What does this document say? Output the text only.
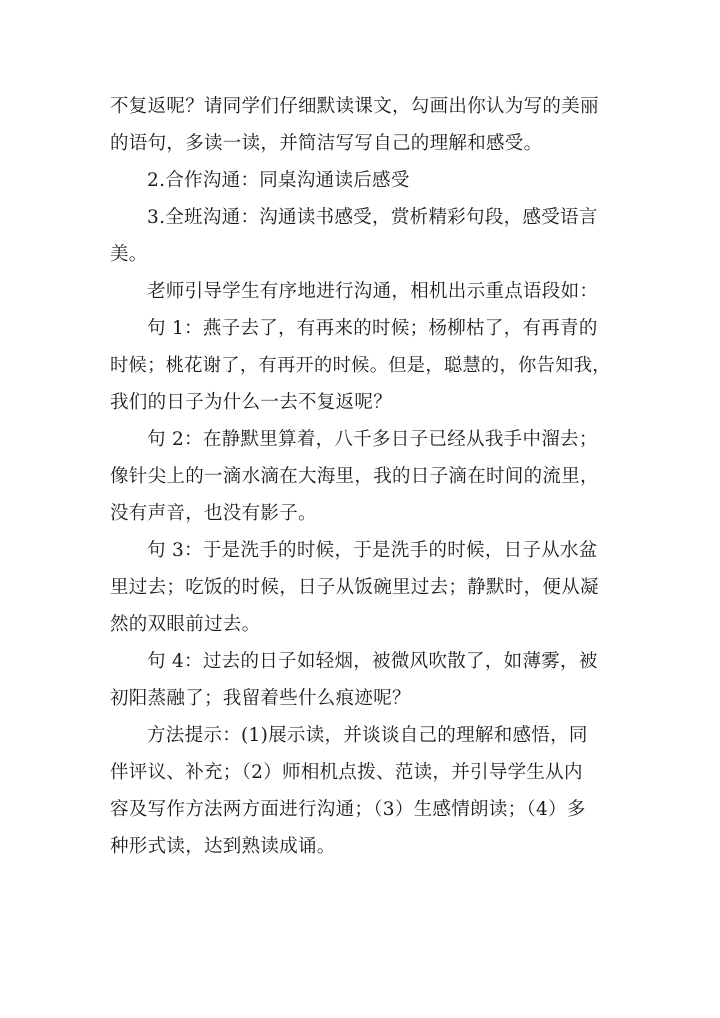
不复返呢？请同学们仔细默读课文，勾画出你认为写的美丽
的语句，多读一读，并简洁写写自己的理解和感受。
2.合作沟通：同桌沟通读后感受
3.全班沟通：沟通读书感受，赏析精彩句段，感受语言
美。
老师引导学生有序地进行沟通，相机出示重点语段如：
句 1：燕子去了，有再来的时候；杨柳枯了，有再青的
时候；桃花谢了，有再开的时候。但是，聪慧的，你告知我，
我们的日子为什么一去不复返呢？
句 2：在静默里算着，八千多日子已经从我手中溜去；
像针尖上的一滴水滴在大海里，我的日子滴在时间的流里，
没有声音，也没有影子。
句 3：于是洗手的时候，于是洗手的时候，日子从水盆
里过去；吃饭的时候，日子从饭碗里过去；静默时，便从凝
然的双眼前过去。
句 4：过去的日子如轻烟，被微风吹散了，如薄雾，被
初阳蒸融了；我留着些什么痕迹呢？
方法提示：(1)展示读，并谈谈自己的理解和感悟，同
伴评议、补充；（2）师相机点拨、范读，并引导学生从内
容及写作方法两方面进行沟通；（3）生感情朗读；（4）多
种形式读，达到熟读成诵。
